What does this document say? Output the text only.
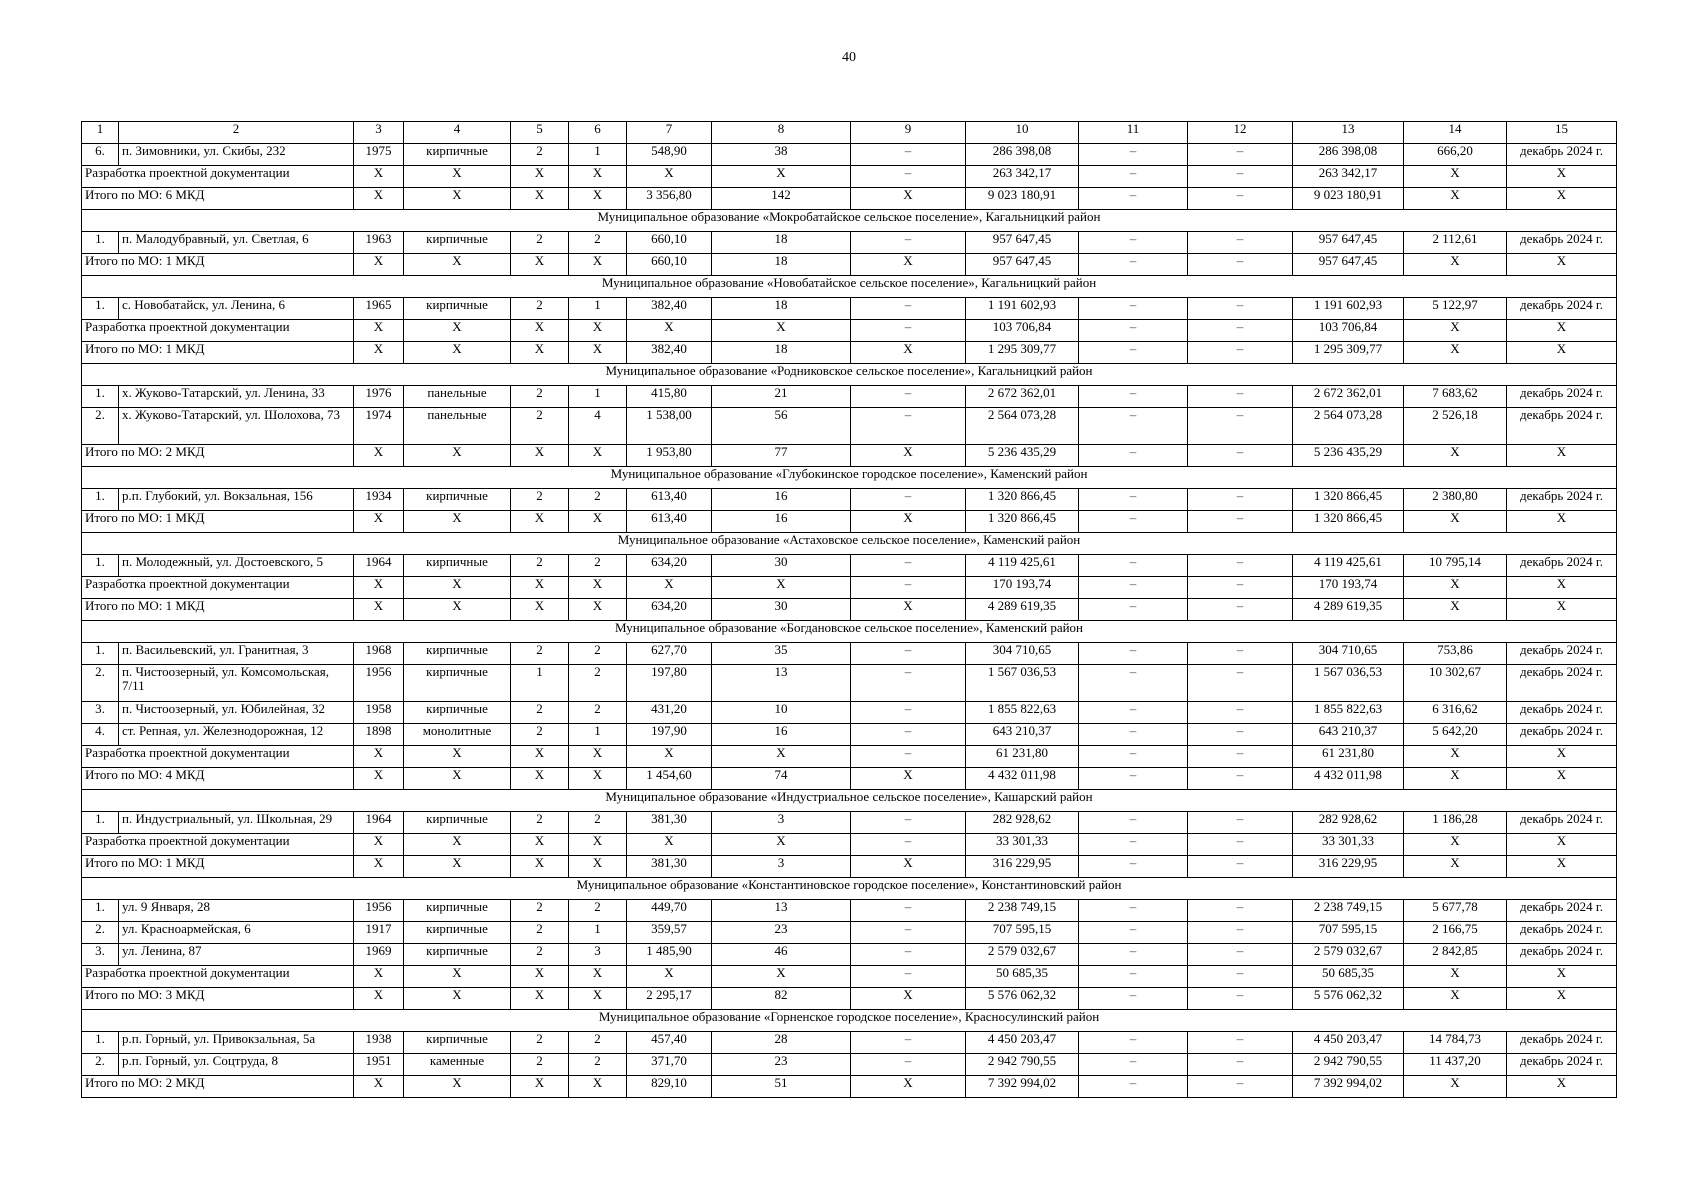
40
1	2	3	4	5	6	7	8	9	10	11	12	13	14	15
6.	п. Зимовники, ул. Скибы, 232	1975	кирпичные	2	1	548,90	38	–	286 398,08	–	–	286 398,08	666,20	декабрь 2024 г.
Разработка проектной документации		X	X	X	X	X	X	–	263 342,17	–	–	263 342,17	X	X
Итого по МО: 6 МКД		X	X	X	X	3 356,80	142	X	9 023 180,91	–	–	9 023 180,91	X	X
Муниципальное образование «Мокробатайское сельское поселение», Кагальницкий район														
1.	п. Малодубравный, ул. Светлая, 6	1963	кирпичные	2	2	660,10	18	–	957 647,45	–	–	957 647,45	2 112,61	декабрь 2024 г.
Итого по МО: 1 МКД		X	X	X	X	660,10	18	X	957 647,45	–	–	957 647,45	X	X
Муниципальное образование «Новобатайское сельское поселение», Кагальницкий район														
1.	с. Новобатайск, ул. Ленина, 6	1965	кирпичные	2	1	382,40	18	–	1 191 602,93	–	–	1 191 602,93	5 122,97	декабрь 2024 г.
Разработка проектной документации		X	X	X	X	X	X	–	103 706,84	–	–	103 706,84	X	X
Итого по МО: 1 МКД		X	X	X	X	382,40	18	X	1 295 309,77	–	–	1 295 309,77	X	X
Муниципальное образование «Родниковское сельское поселение», Кагальницкий район														
1.	х. Жуково-Татарский, ул. Ленина, 33	1976	панельные	2	1	415,80	21	–	2 672 362,01	–	–	2 672 362,01	7 683,62	декабрь 2024 г.
2.	х. Жуково-Татарский, ул. Шолохова, 73	1974	панельные	2	4	1 538,00	56	–	2 564 073,28	–	–	2 564 073,28	2 526,18	декабрь 2024 г.
Итого по МО: 2 МКД		X	X	X	X	1 953,80	77	X	5 236 435,29	–	–	5 236 435,29	X	X
Муниципальное образование «Глубокинское городское поселение», Каменский район														
1.	р.п. Глубокий, ул. Вокзальная, 156	1934	кирпичные	2	2	613,40	16	–	1 320 866,45	–	–	1 320 866,45	2 380,80	декабрь 2024 г.
Итого по МО: 1 МКД		X	X	X	X	613,40	16	X	1 320 866,45	–	–	1 320 866,45	X	X
Муниципальное образование «Астаховское сельское поселение», Каменский район														
1.	п. Молодежный, ул. Достоевского, 5	1964	кирпичные	2	2	634,20	30	–	4 119 425,61	–	–	4 119 425,61	10 795,14	декабрь 2024 г.
Разработка проектной документации		X	X	X	X	X	X	–	170 193,74	–	–	170 193,74	X	X
Итого по МО: 1 МКД		X	X	X	X	634,20	30	X	4 289 619,35	–	–	4 289 619,35	X	X
Муниципальное образование «Богдановское сельское поселение», Каменский район														
1.	п. Васильевский, ул. Гранитная, 3	1968	кирпичные	2	2	627,70	35	–	304 710,65	–	–	304 710,65	753,86	декабрь 2024 г.
2.	п. Чистоозерный, ул. Комсомольская, 7/11	1956	кирпичные	1	2	197,80	13	–	1 567 036,53	–	–	1 567 036,53	10 302,67	декабрь 2024 г.
3.	п. Чистоозерный, ул. Юбилейная, 32	1958	кирпичные	2	2	431,20	10	–	1 855 822,63	–	–	1 855 822,63	6 316,62	декабрь 2024 г.
4.	ст. Репная, ул. Железнодорожная, 12	1898	монолитные	2	1	197,90	16	–	643 210,37	–	–	643 210,37	5 642,20	декабрь 2024 г.
Разработка проектной документации		X	X	X	X	X	X	–	61 231,80	–	–	61 231,80	X	X
Итого по МО: 4 МКД		X	X	X	X	1 454,60	74	X	4 432 011,98	–	–	4 432 011,98	X	X
Муниципальное образование «Индустриальное сельское поселение», Кашарский район														
1.	п. Индустриальный, ул. Школьная, 29	1964	кирпичные	2	2	381,30	3	–	282 928,62	–	–	282 928,62	1 186,28	декабрь 2024 г.
Разработка проектной документации		X	X	X	X	X	X	–	33 301,33	–	–	33 301,33	X	X
Итого по МО: 1 МКД		X	X	X	X	381,30	3	X	316 229,95	–	–	316 229,95	X	X
Муниципальное образование «Константиновское городское поселение», Константиновский район														
1.	ул. 9 Января, 28	1956	кирпичные	2	2	449,70	13	–	2 238 749,15	–	–	2 238 749,15	5 677,78	декабрь 2024 г.
2.	ул. Красноармейская, 6	1917	кирпичные	2	1	359,57	23	–	707 595,15	–	–	707 595,15	2 166,75	декабрь 2024 г.
3.	ул. Ленина, 87	1969	кирпичные	2	3	1 485,90	46	–	2 579 032,67	–	–	2 579 032,67	2 842,85	декабрь 2024 г.
Разработка проектной документации		X	X	X	X	X	X	–	50 685,35	–	–	50 685,35	X	X
Итого по МО: 3 МКД		X	X	X	X	2 295,17	82	X	5 576 062,32	–	–	5 576 062,32	X	X
Муниципальное образование «Горненское городское поселение», Красносулинский район														
1.	р.п. Горный, ул. Привокзальная, 5а	1938	кирпичные	2	2	457,40	28	–	4 450 203,47	–	–	4 450 203,47	14 784,73	декабрь 2024 г.
2.	р.п. Горный, ул. Соцтруда, 8	1951	каменные	2	2	371,70	23	–	2 942 790,55	–	–	2 942 790,55	11 437,20	декабрь 2024 г.
Итого по МО: 2 МКД		X	X	X	X	829,10	51	X	7 392 994,02	–	–	7 392 994,02	X	X
